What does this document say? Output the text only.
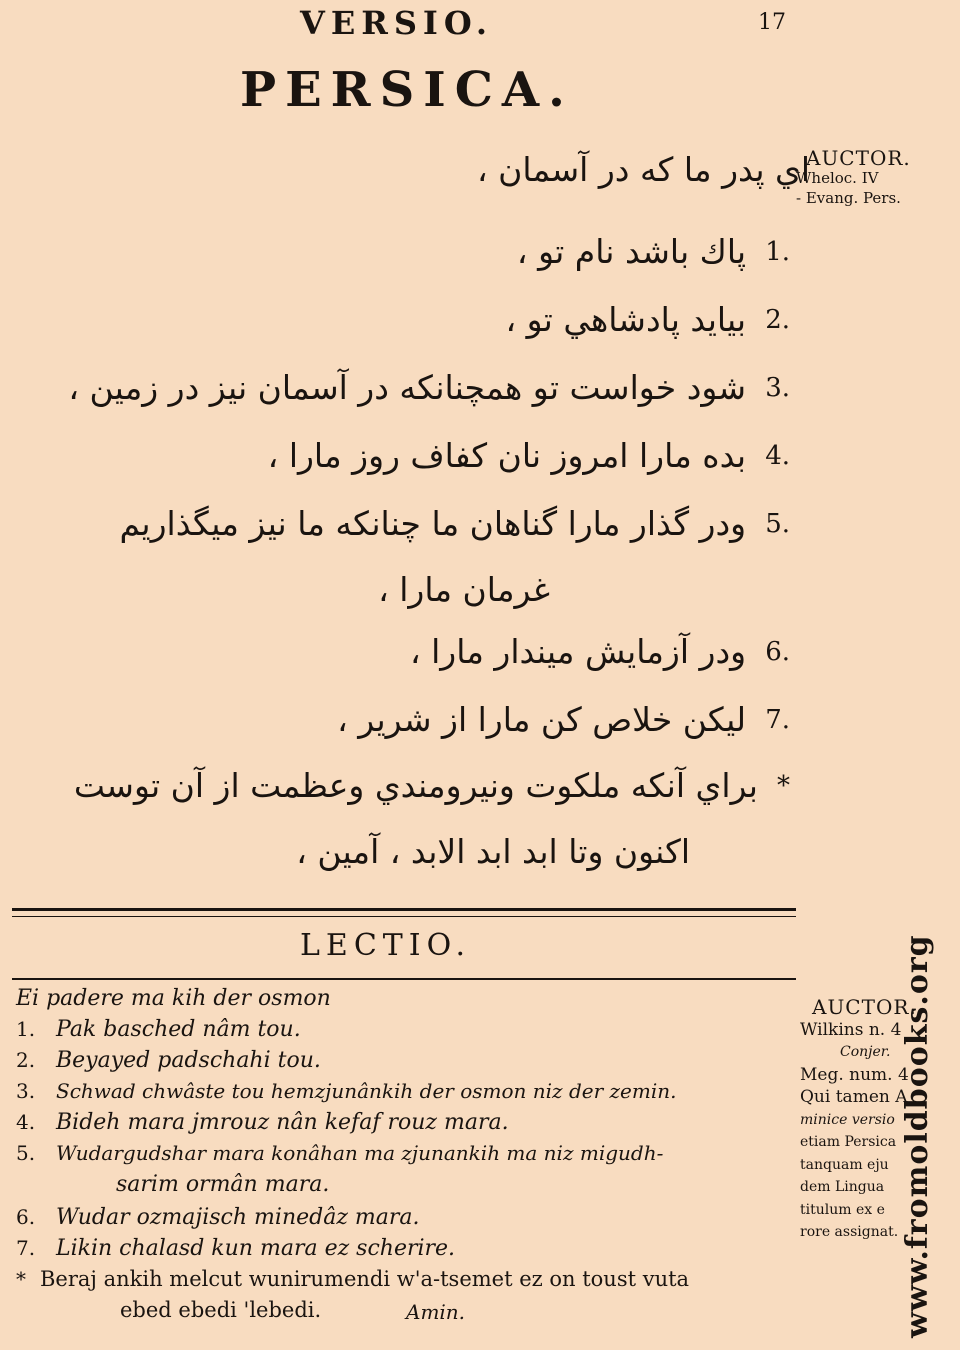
VERSIO.	17
PERSICA.
AUCTOR.
Wheloc. IV
- Evang. Pers.
اي پدر ما كه در آسمان ،
1. پاك باشد نام تو ،
2. بيايد پادشاهي تو ،
3. شود خواست تو همچنانكه در آسمان نيز در زمين ،
4. بده مارا امروز نان كفاف روز مارا ،
5. ودر گذار مارا گناهان ما چنانكه ما نيز ميگذاريم
غرمان مارا ،
6. ودر آزمايش ميندار مارا ،
7. ليكن خلاص كن مارا از شرير ،
* براي آنكه ملكوت ونيرومندي وعظمت از آن توست
اكنون وتا ابد ابد الابد ، آمين ،
LECTIO.
Ei padere ma kih der osmon
1. Pak basched nâm tou.
2. Beyayed padschahi tou.
3. Schwad chwâste tou hemzjunânkih der osmon niz der zemin.
4. Bideh mara jmrouz nân kefaf rouz mara.
5. Wudargudshar mara konâhan ma zjunankih ma niz migudh-
sarim ormân mara.
6. Wudar ozmajisch minedâz mara.
7. Likin chalasd kun mara ez scherire.
* Beraj ankih melcut wunirumendi w'a-tsemet ez on toust vuta
ebed ebedi 'lebedi.	Amin.
AUCTOR.
Wilkins n. 4
Conjer.
Meg. num. 4
Qui tamen A
minice versio
etiam Persica
tanquam eju
dem Lingua
titulum ex e
rore assignat. www.fromoldbooks.org
